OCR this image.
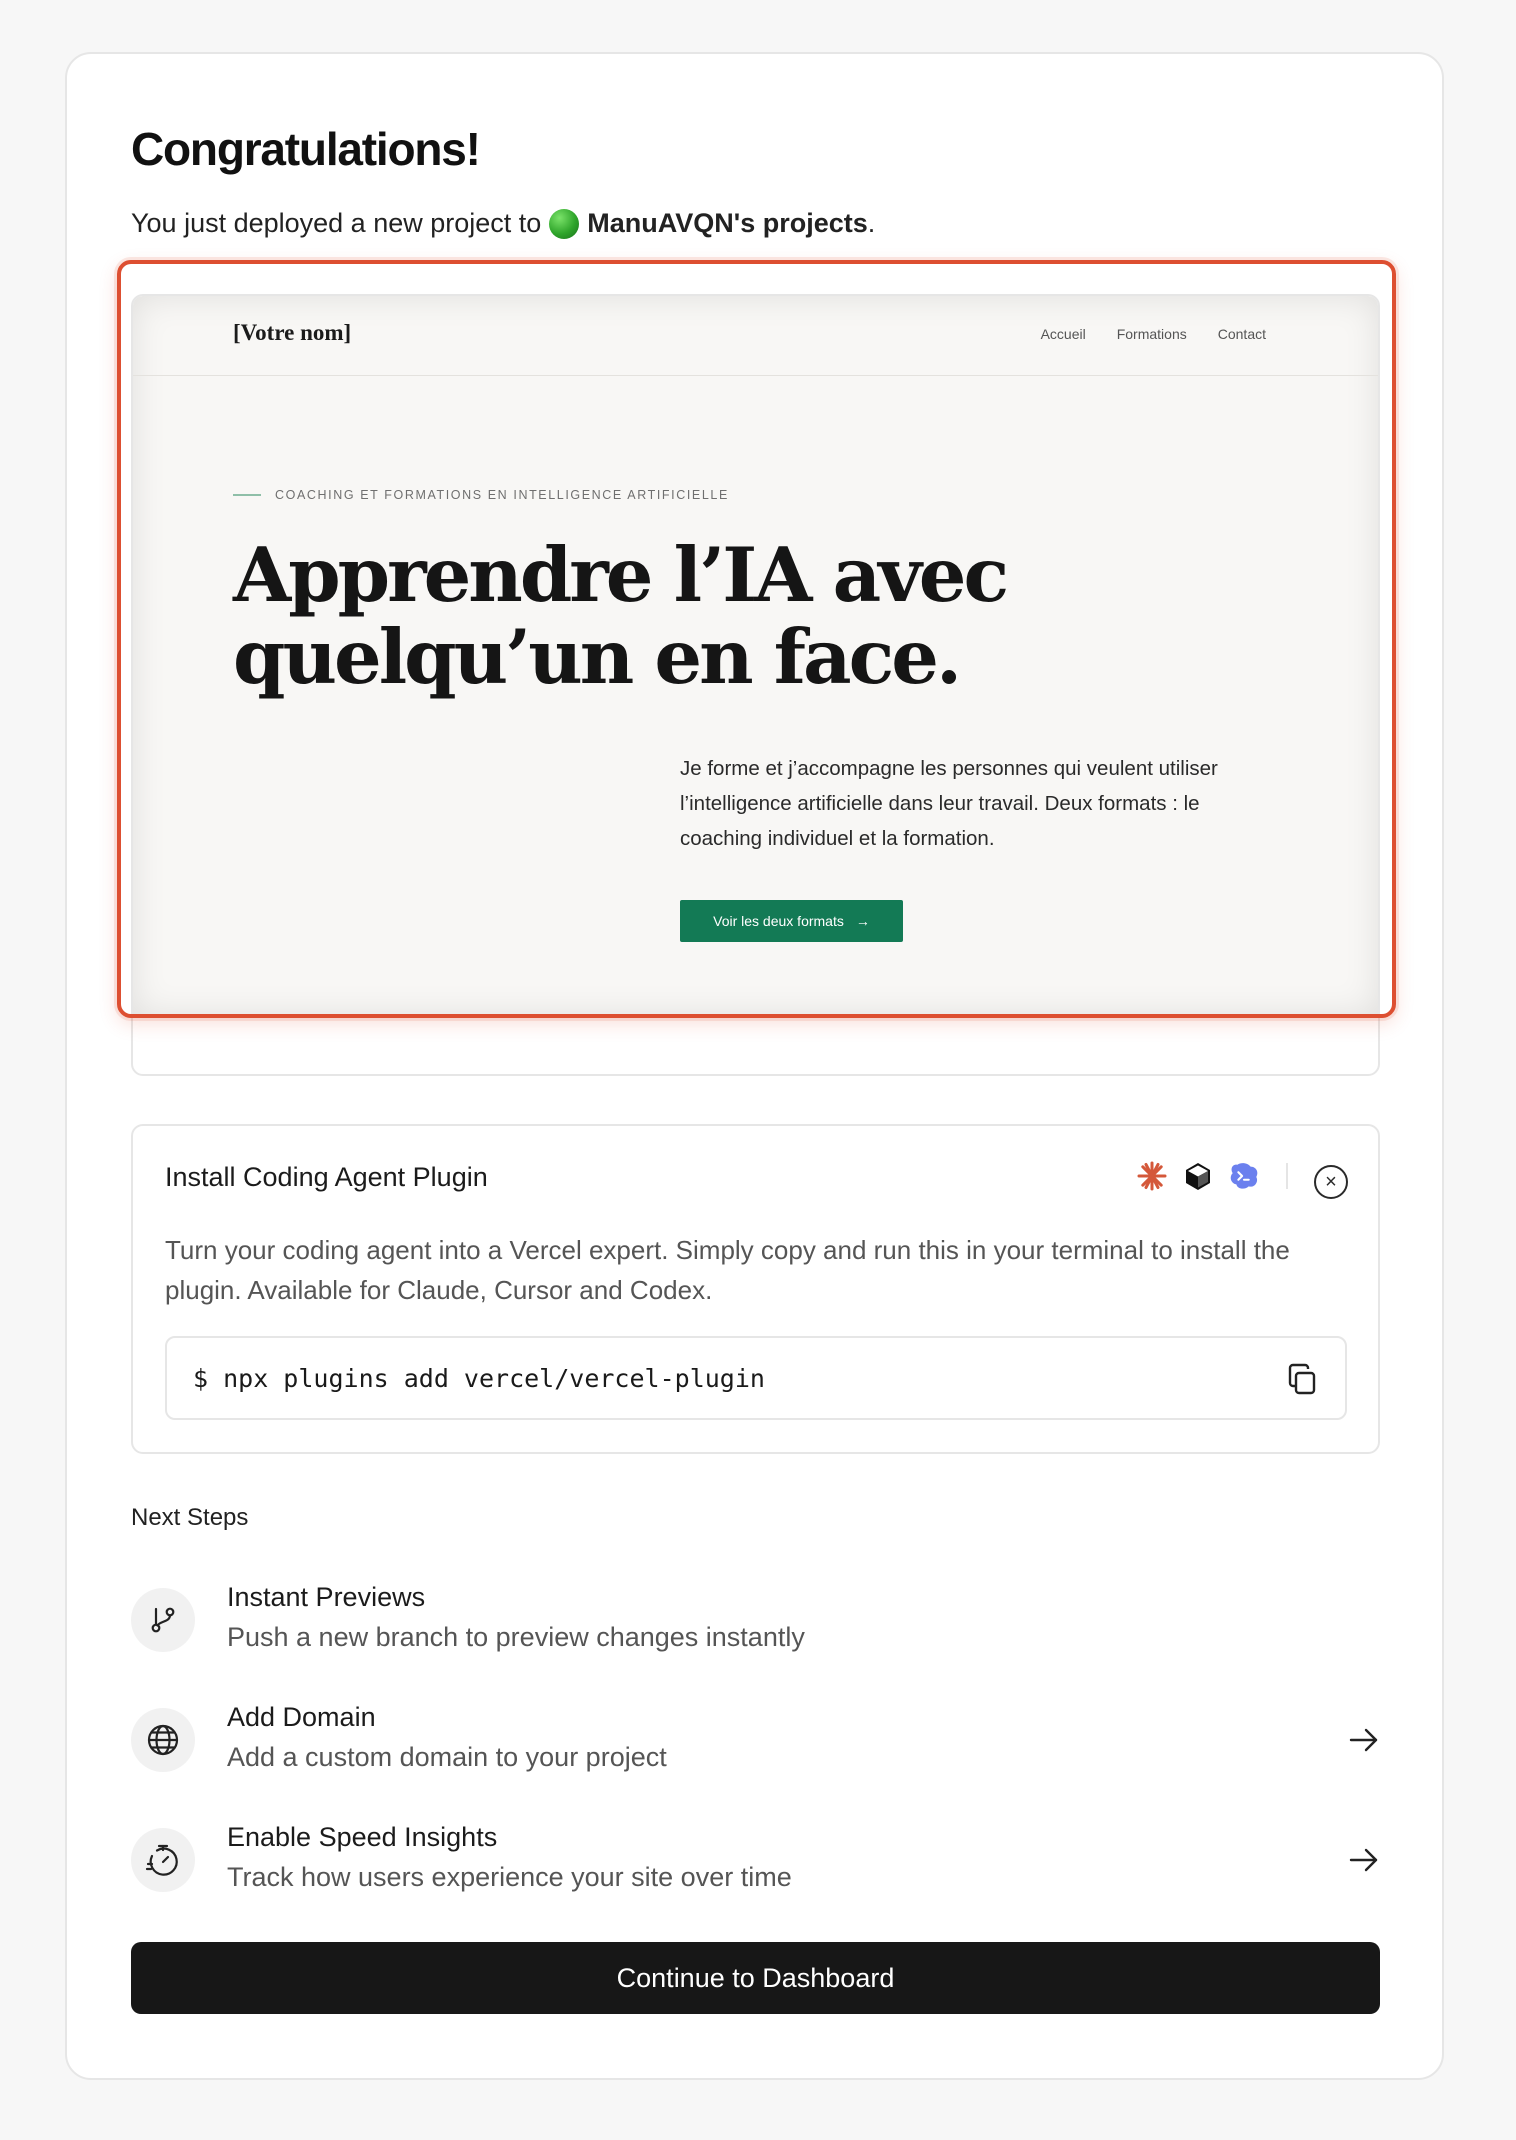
Congratulations!
You just deployed a new project to ManuAVQN's projects .
[Votre nom]	Accueil Formations Contact
COACHING ET FORMATIONS EN INTELLIGENCE ARTIFICIELLE
Apprendre l’IA avec
quelqu’un en face.

Je forme et j’accompagne les personnes qui veulent utiliser l’intelligence artificielle dans leur travail. Deux formats : le coaching individuel et la formation.

Voir les deux formats →
Install Coding Agent Plugin	×

Turn your coding agent into a Vercel expert. Simply copy and run this in your terminal to install the plugin. Available for Claude, Cursor and Codex.

$ npx plugins add vercel/vercel-plugin
Next Steps
Instant Previews
Push a new branch to preview changes instantly
Add Domain
Add a custom domain to your project
Enable Speed Insights
Track how users experience your site over time
Continue to Dashboard
